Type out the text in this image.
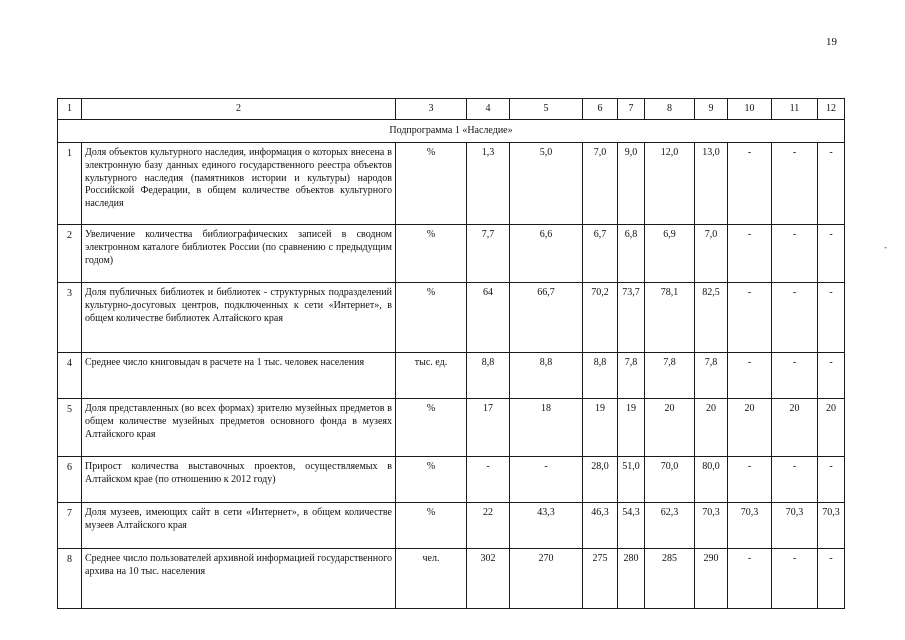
19
-
1	2	3	4	5	6	7	8	9	10	11	12
Подпрограмма 1 «Наследие»											
1	Доля объектов культурного наследия, информация о которых внесена в электронную базу данных единого государственного реестра объектов культурного наследия (памятников истории и культуры) народов Российской Федерации, в общем количестве объектов культурного наследия	%	1,3	5,0	7,0	9,0	12,0	13,0	-	-	-
2	Увеличение количества библиографических записей в сводном электронном каталоге библиотек России (по сравнению с предыдущим годом)	%	7,7	6,6	6,7	6,8	6,9	7,0	-	-	-
3	Доля публичных библиотек и библиотек - структурных подразделений культурно-досуговых центров, подключенных к сети «Интернет», в общем количестве библиотек Алтайского края	%	64	66,7	70,2	73,7	78,1	82,5	-	-	-
4	Среднее число книговыдач в расчете на 1 тыс. человек населения	тыс. ед.	8,8	8,8	8,8	7,8	7,8	7,8	-	-	-
5	Доля представленных (во всех формах) зрителю музейных предметов в общем количестве музейных предметов основного фонда в музеях Алтайского края	%	17	18	19	19	20	20	20	20	20
6	Прирост количества выставочных проектов, осуществляемых в Алтайском крае (по отношению к 2012 году)	%	-	-	28,0	51,0	70,0	80,0	-	-	-
7	Доля музеев, имеющих сайт в сети «Интернет», в общем количестве музеев Алтайского края	%	22	43,3	46,3	54,3	62,3	70,3	70,3	70,3	70,3
8	Среднее число пользователей архивной информацией государственного архива на 10 тыс. населения	чел.	302	270	275	280	285	290	-	-	-
